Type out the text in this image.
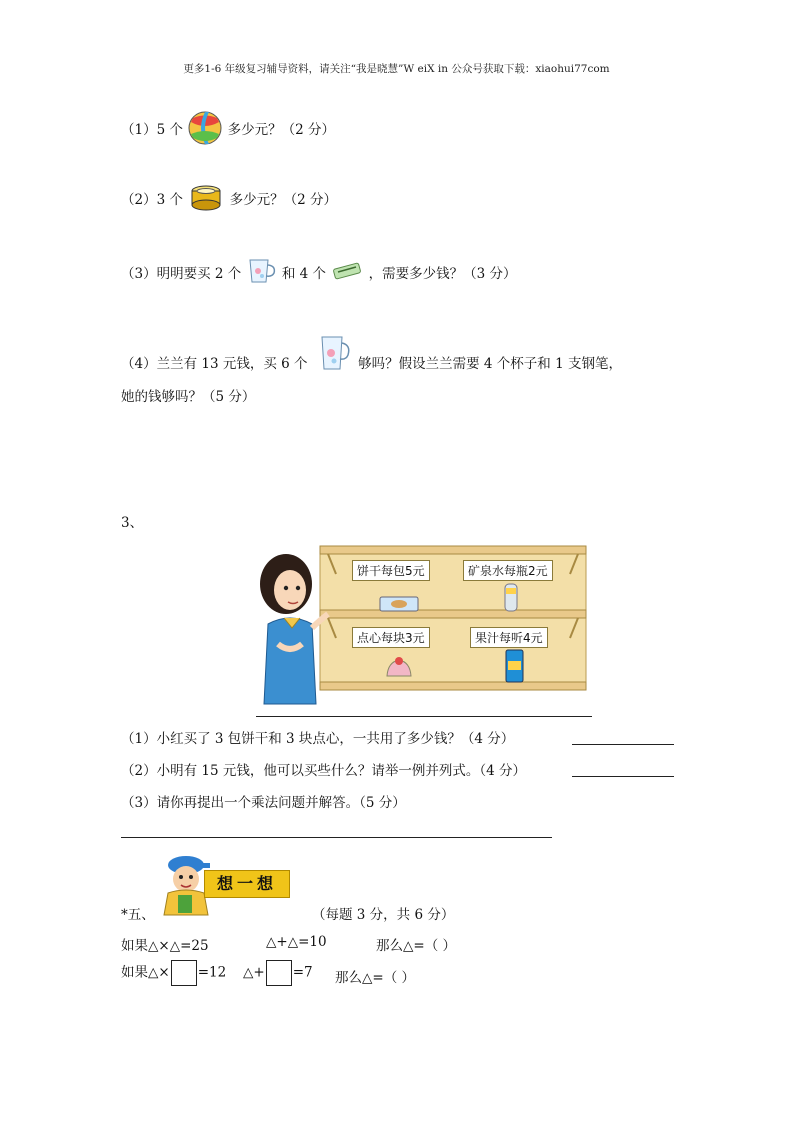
更多1-6 年级复习辅导资料，请关注“我是晓慧”W eiX in 公众号获取下载：xiaohui77com
（1）5 个	多少元？（2 分）
（2）3 个	多少元？（2 分）
（3）明明要买 2 个	和 4 个	，需要多少钱？（3 分）
（4）兰兰有 13 元钱，买 6 个	够吗？假设兰兰需要 4 个杯子和 1 支钢笔，
她的钱够吗？（5 分）
3、
饼干每包5元	矿泉水每瓶2元
点心每块3元	果汁每听4元
（1）小红买了 3 包饼干和 3 块点心，一共用了多少钱？（4 分）
（2）小明有 15 元钱，他可以买些什么？请举一例并列式。（4 分）
（3）请你再提出一个乘法问题并解答。（5 分）
想一想
*五、	（每题 3 分，共 6 分）
如果△×△=25	△+△=10	那么△=（ ）
如果△× =12 △+ =7 那么△=（ ）
